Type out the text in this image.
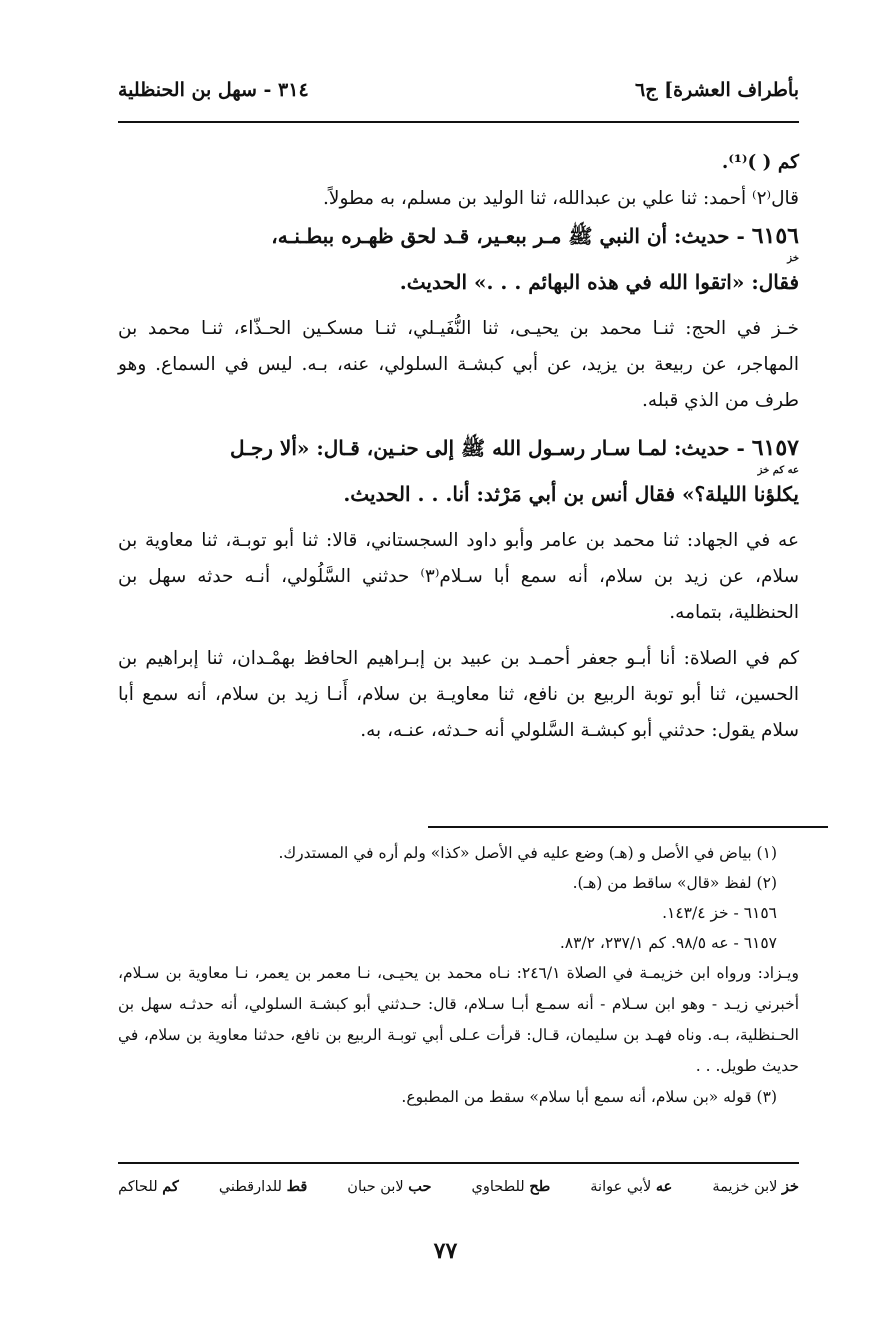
بأطراف العشرة] ج٦
٣١٤ - سهل بن الحنظلية

كم ( )⁽¹⁾.

قال⁽٢⁾ أحمد: ثنا علي بن عبدالله، ثنا الوليد بن مسلم، به مطولاً.

٦١٥٦ - حديث: أن النبي ﷺ مـر ببعـير، قـد لحق ظهـره ببطـنـه،

خز

فقال: «اتقوا الله في هذه البهائم . . .» الحديث.

خـز في الحج: ثنـا محمد بن يحيـى، ثنا النُّفَيـلي، ثنـا مسكـين الحـذّاء، ثنـا محمد بن المهاجر، عن ربيعة بن يزيد، عن أبي كبشـة السلولي، عنه، بـه. ليس في السماع. وهو طرف من الذي قبله.

٦١٥٧ - حديث: لمـا سـار رسـول الله ﷺ إلى حنـين، قـال: «ألا رجـل

عه كم خز

يكلؤنا الليلة؟» فقال أنس بن أبي مَرْثد: أنا. . . الحديث.

عه في الجهاد: ثنا محمد بن عامر وأبو داود السجستاني، قالا: ثنا أبو توبـة، ثنا معاوية بن سلام، عن زيد بن سلام، أنه سمع أبا سـلام⁽٣⁾ حدثني السَّلُولي، أنـه حدثه سهل بن الحنظلية، بتمامه.

كم في الصلاة: أنا أبـو جعفر أحمـد بن عبيد بن إبـراهيم الحافظ بهمْـدان، ثنا إبراهيم بن الحسين، ثنا أبو توبة الربيع بن نافع، ثنا معاويـة بن سلام، أَنـا زيد بن سلام، أنه سمع أبا سلام يقول: حدثني أبو كبشـة السَّلولي أنه حـدثه، عنـه، به.

(١) بياض في الأصل و (هـ) وضع عليه في الأصل «كذا» ولم أره في المستدرك.

(٢) لفظ «قال» ساقط من (هـ).

٦١٥٦ - خز ١٤٣/٤.

٦١٥٧ - عه ٩٨/٥. كم ٢٣٧/١، ٨٣/٢.

ويـزاد: ورواه ابن خزيمـة في الصلاة ٢٤٦/١: نـاه محمد بن يحيـى، نـا معمر بن يعمر، نـا معاوية بن سـلام، أخبرني زيـد - وهو ابن سـلام - أنه سمـع أبـا سـلام، قال: حـدثني أبو كبشـة السلولي، أنه حدثـه سهل بن الحـنظلية، بـه. وناه فهـد بن سليمان، قـال: قرأت عـلى أبي توبـة الربيع بن نافع، حدثنا معاوية بن سلام، في حديث طويل. . .

(٣) قوله «بن سلام، أنه سمع أبا سلام» سقط من المطبوع.

خز لابن خزيمة
عه لأبي عوانة
طح للطحاوي
حب لابن حبان
قط للدارقطني
كم للحاكم
٧٧
